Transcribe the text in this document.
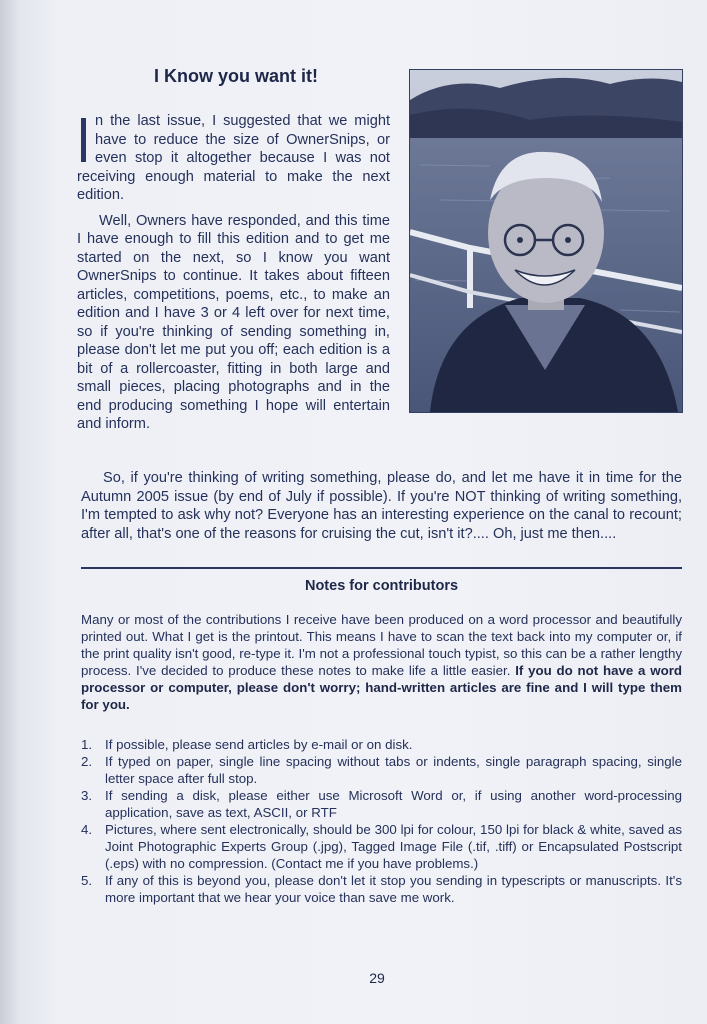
I Know you want it!

n the last issue, I suggested that we might have to reduce the size of OwnerSnips, or even stop it altogether because I was not receiving enough material to make the next edition.

Well, Owners have responded, and this time I have enough to fill this edition and to get me started on the next, so I know you want OwnerSnips to continue. It takes about fifteen articles, competitions, poems, etc., to make an edition and I have 3 or 4 left over for next time, so if you're thinking of sending something in, please don't let me put you off; each edition is a bit of a rollercoaster, fitting in both large and small pieces, placing photographs and in the end producing something I hope will entertain and inform.

So, if you're thinking of writing something, please do, and let me have it in time for the Autumn 2005 issue (by end of July if possible). If you're NOT thinking of writing something, I'm tempted to ask why not? Everyone has an interesting experience on the canal to recount; after all, that's one of the reasons for cruising the cut, isn't it?.... Oh, just me then....

Notes for contributors

Many or most of the contributions I receive have been produced on a word processor and beautifully printed out. What I get is the printout. This means I have to scan the text back into my computer or, if the print quality isn't good, re-type it. I'm not a professional touch typist, so this can be a rather lengthy process. I've decided to produce these notes to make life a little easier. If you do not have a word processor or computer, please don't worry; hand-written articles are fine and I will type them for you.

1. If possible, please send articles by e-mail or on disk.
2. If typed on paper, single line spacing without tabs or indents, single paragraph spacing, single letter space after full stop.
3. If sending a disk, please either use Microsoft Word or, if using another word-processing application, save as text, ASCII, or RTF
4. Pictures, where sent electronically, should be 300 lpi for colour, 150 lpi for black & white, saved as Joint Photographic Experts Group (.jpg), Tagged Image File (.tif, .tiff) or Encapsulated Postscript (.eps) with no compression. (Contact me if you have problems.)
5. If any of this is beyond you, please don't let it stop you sending in typescripts or manuscripts. It's more important that we hear your voice than save me work.
29
